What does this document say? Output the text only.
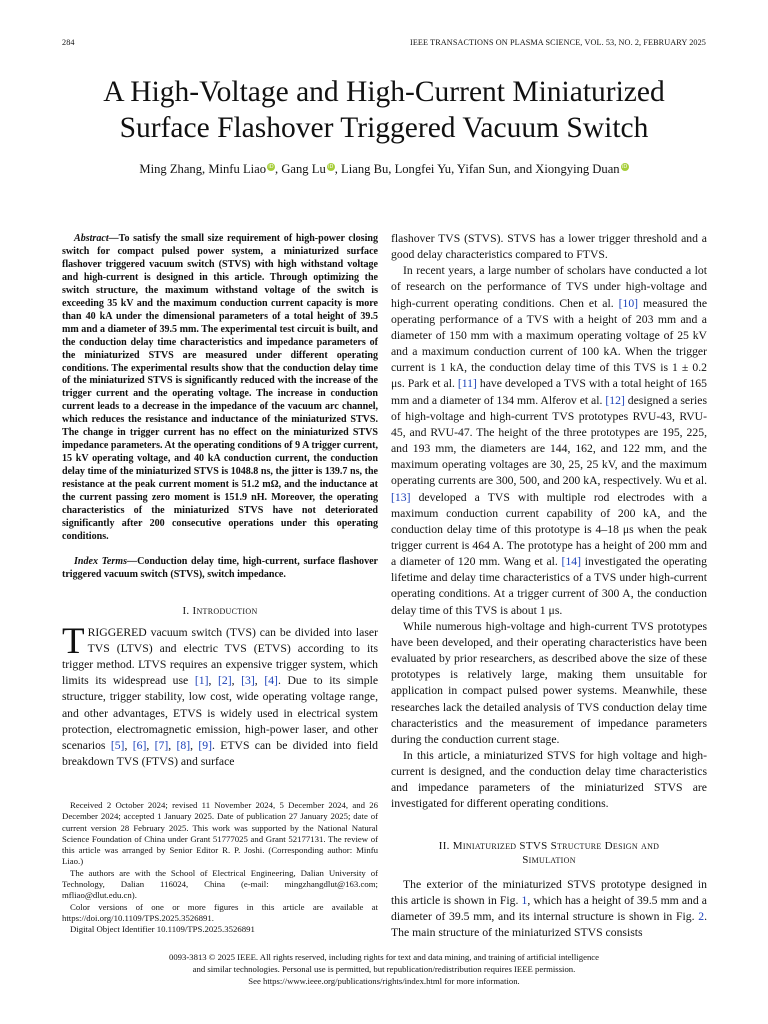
284	IEEE TRANSACTIONS ON PLASMA SCIENCE, VOL. 53, NO. 2, FEBRUARY 2025
A High-Voltage and High-Current Miniaturized
Surface Flashover Triggered Vacuum Switch
Ming Zhang, Minfu Liao iD, Gang Lu iD, Liang Bu, Longfei Yu, Yifan Sun, and Xiongying Duan iD

Abstract—To satisfy the small size requirement of high-power closing switch for compact pulsed power system, a miniaturized surface flashover triggered vacuum switch (STVS) with high withstand voltage and high-current is designed in this article. Through optimizing the switch structure, the maximum withstand voltage of the switch is exceeding 35 kV and the maximum conduction current capacity is more than 40 kA under the dimensional parameters of a total height of 39.5 mm and a diameter of 39.5 mm. The experimental test circuit is built, and the conduction delay time characteristics and impedance parameters of the miniaturized STVS are measured under different operating conditions. The experimental results show that the conduction delay time of the miniaturized STVS is significantly reduced with the increase of the trigger current and the operating voltage. The increase in conduction current leads to a decrease in the impedance of the vacuum arc channel, which reduces the resistance and inductance of the miniaturized STVS. The change in trigger current has no effect on the miniaturized STVS impedance parameters. At the operating conditions of 9 A trigger current, 15 kV operating voltage, and 40 kA conduction current, the conduction delay time of the miniaturized STVS is 1048.8 ns, the jitter is 139.7 ns, the resistance at the peak current moment is 51.2 mΩ, and the inductance at the current passing zero moment is 151.9 nH. Moreover, the operating characteristics of the miniaturized STVS have not deteriorated significantly after 200 consecutive operations under this operating conditions.

Index Terms—Conduction delay time, high-current, surface flashover triggered vacuum switch (STVS), switch impedance.

I. Introduction

TRIGGERED vacuum switch (TVS) can be divided into laser TVS (LTVS) and electric TVS (ETVS) according to its trigger method. LTVS requires an expensive trigger system, which limits its widespread use [1], [2], [3], [4]. Due to its simple structure, trigger stability, low cost, wide operating voltage range, and other advantages, ETVS is widely used in electrical system protection, electromagnetic emission, high-power laser, and other scenarios [5], [6], [7], [8], [9]. ETVS can be divided into field breakdown TVS (FTVS) and surface

Received 2 October 2024; revised 11 November 2024, 5 December 2024, and 26 December 2024; accepted 1 January 2025. Date of publication 27 January 2025; date of current version 28 February 2025. This work was supported by the National Natural Science Foundation of China under Grant 51777025 and Grant 52177131. The review of this article was arranged by Senior Editor R. P. Joshi. (Corresponding author: Minfu Liao.)

The authors are with the School of Electrical Engineering, Dalian University of Technology, Dalian 116024, China (e-mail: mingzhangdlut@163.com; mfliao@dlut.edu.cn).

Color versions of one or more figures in this article are available at https://doi.org/10.1109/TPS.2025.3526891.

Digital Object Identifier 10.1109/TPS.2025.3526891

flashover TVS (STVS). STVS has a lower trigger threshold and a good delay characteristics compared to FTVS.

In recent years, a large number of scholars have conducted a lot of research on the performance of TVS under high-voltage and high-current operating conditions. Chen et al. [10] measured the operating performance of a TVS with a height of 203 mm and a diameter of 150 mm with a maximum operating voltage of 25 kV and a maximum conduction current of 100 kA. When the trigger current is 1 kA, the conduction delay time of this TVS is 1 ± 0.2 μs. Park et al. [11] have developed a TVS with a total height of 165 mm and a diameter of 134 mm. Alferov et al. [12] designed a series of high-voltage and high-current TVS prototypes RVU-43, RVU-45, and RVU-47. The height of the three prototypes are 195, 225, and 193 mm, the diameters are 144, 162, and 122 mm, and the maximum operating voltages are 30, 25, 25 kV, and the maximum operating currents are 300, 500, and 200 kA, respectively. Wu et al. [13] developed a TVS with multiple rod electrodes with a maximum conduction current capability of 200 kA, and the conduction delay time of this prototype is 4–18 μs when the peak trigger current is 464 A. The prototype has a height of 200 mm and a diameter of 120 mm. Wang et al. [14] investigated the operating lifetime and delay time characteristics of a TVS under high-current operating conditions. At a trigger current of 300 A, the conduction delay time of this TVS is about 1 μs.

While numerous high-voltage and high-current TVS prototypes have been developed, and their operating characteristics have been evaluated by prior researchers, as described above the size of these prototypes is relatively large, making them unsuitable for application in compact pulsed power systems. Meanwhile, these researches lack the detailed analysis of TVS conduction delay time characteristics and the measurement of impedance parameters during the conduction current stage.

In this article, a miniaturized STVS for high voltage and high-current is designed, and the conduction delay time characteristics and impedance parameters of the miniaturized STVS are investigated for different operating conditions.

II. Miniaturized STVS Structure Design and
Simulation

The exterior of the miniaturized STVS prototype designed in this article is shown in Fig. 1, which has a height of 39.5 mm and a diameter of 39.5 mm, and its internal structure is shown in Fig. 2. The main structure of the miniaturized STVS consists

0093-3813 © 2025 IEEE. All rights reserved, including rights for text and data mining, and training of artificial intelligence
and similar technologies. Personal use is permitted, but republication/redistribution requires IEEE permission.
See https://www.ieee.org/publications/rights/index.html for more information.
